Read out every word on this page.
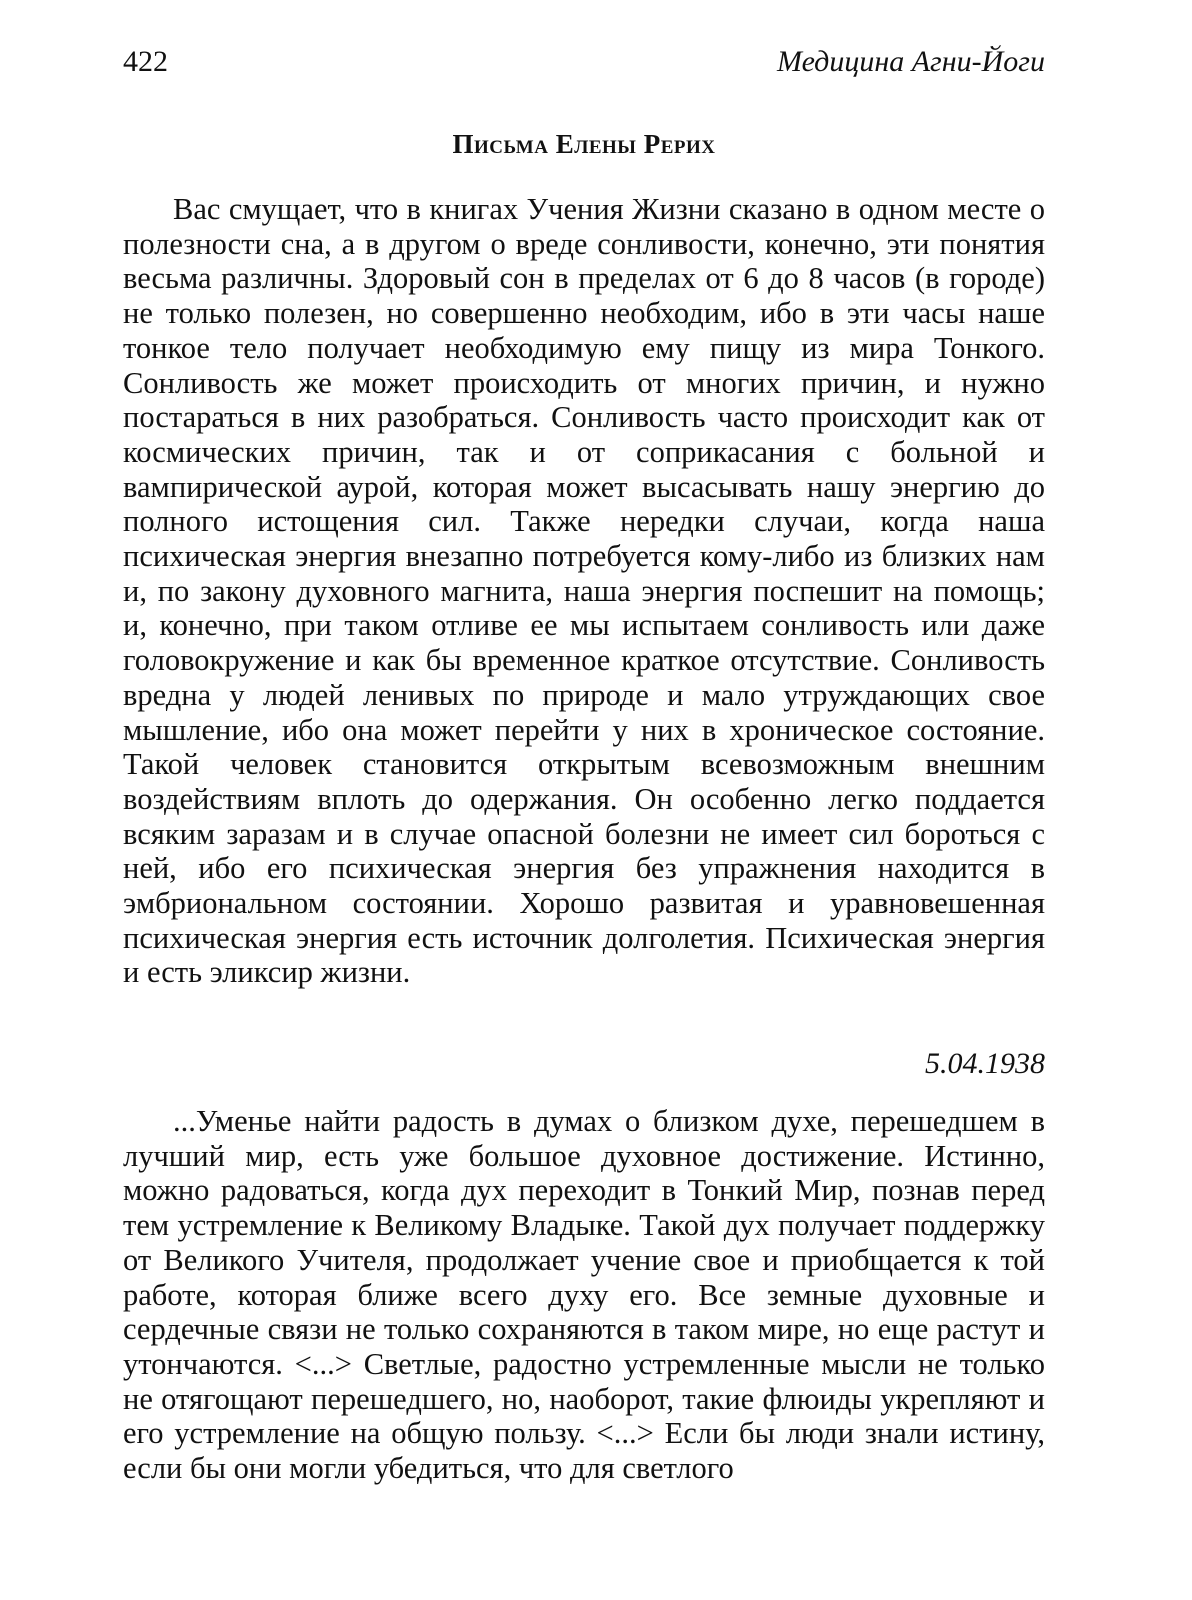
422	Медицина Агни-Йоги
Письма Елены Рерих

Вас смущает, что в книгах Учения Жизни сказано в одном месте о полезности сна, а в другом о вреде сонливости, конечно, эти понятия весьма различны. Здоровый сон в пределах от 6 до 8 часов (в городе) не только полезен, но совершенно необходим, ибо в эти часы наше тонкое тело получает необходимую ему пищу из мира Тонкого. Сонливость же может происходить от многих причин, и нужно постараться в них разобраться. Сонливость часто происходит как от космических причин, так и от соприкасания с больной и вампирической аурой, которая может высасывать нашу энергию до полного истощения сил. Также нередки случаи, когда наша психическая энергия внезапно потребуется кому-либо из близких нам и, по закону духовного магнита, наша энергия поспешит на помощь; и, конечно, при таком отливе ее мы испытаем сонливость или даже головокружение и как бы временное краткое отсутствие. Сонливость вредна у людей ленивых по природе и мало утруждающих свое мышление, ибо она может перейти у них в хроническое состояние. Такой человек становится открытым всевозможным внешним воздействиям вплоть до одержания. Он особенно легко поддается всяким заразам и в случае опасной болезни не имеет сил бороться с ней, ибо его психическая энергия без упражнения находится в эмбриональном состоянии. Хорошо развитая и уравновешенная психическая энергия есть источник долголетия. Психическая энергия и есть эликсир жизни.

5.04.1938

...Уменье найти радость в думах о близком духе, перешедшем в лучший мир, есть уже большое духовное достижение. Истинно, можно радоваться, когда дух переходит в Тонкий Мир, познав перед тем устремление к Великому Владыке. Такой дух получает поддержку от Великого Учителя, продолжает учение свое и приобщается к той работе, которая ближе всего духу его. Все земные духовные и сердечные связи не только сохраняются в таком мире, но еще растут и утончаются. <...> Светлые, радостно устремленные мысли не только не отягощают перешедшего, но, наоборот, такие флюиды укрепляют и его устремление на общую пользу. <...> Если бы люди знали истину, если бы они могли убедиться, что для светлого
